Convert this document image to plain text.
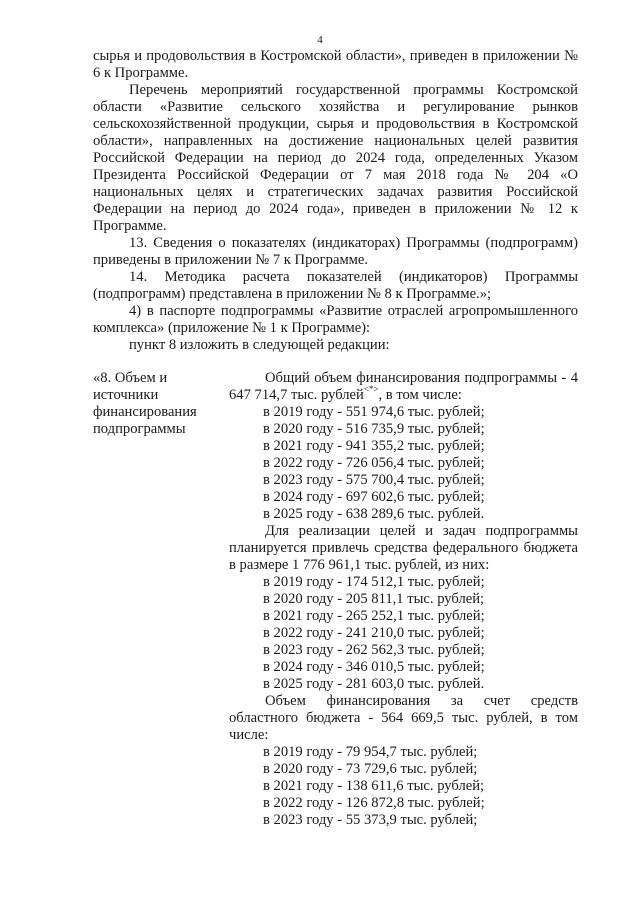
4

сырья и продовольствия в Костромской области», приведен в приложении № 6 к Программе.

Перечень мероприятий государственной программы Костромской области «Развитие сельского хозяйства и регулирование рынков сельскохозяйственной продукции, сырья и продовольствия в Костромской области», направленных на достижение национальных целей развития Российской Федерации на период до 2024 года, определенных Указом Президента Российской Федерации от 7 мая 2018 года № 204 «О национальных целях и стратегических задачах развития Российской Федерации на период до 2024 года», приведен в приложении № 12 к Программе.

13. Сведения о показателях (индикаторах) Программы (подпрограмм) приведены в приложении № 7 к Программе.

14. Методика расчета показателей (индикаторов) Программы (подпрограмм) представлена в приложении № 8 к Программе.»;

4) в паспорте подпрограммы «Развитие отраслей агропромышленного комплекса» (приложение № 1 к Программе):

пункт 8 изложить в следующей редакции:

«8. Объем и источники финансирования подпрограммы

Общий объем финансирования подпрограммы - 4 647 714,7 тыс. рублей<*>, в том числе:

в 2019 году - 551 974,6 тыс. рублей;

в 2020 году - 516 735,9 тыс. рублей;

в 2021 году - 941 355,2 тыс. рублей;

в 2022 году - 726 056,4 тыс. рублей;

в 2023 году - 575 700,4 тыс. рублей;

в 2024 году - 697 602,6 тыс. рублей;

в 2025 году - 638 289,6 тыс. рублей.

Для реализации целей и задач подпрограммы планируется привлечь средства федерального бюджета в размере 1 776 961,1 тыс. рублей, из них:

в 2019 году - 174 512,1 тыс. рублей;

в 2020 году - 205 811,1 тыс. рублей;

в 2021 году - 265 252,1 тыс. рублей;

в 2022 году - 241 210,0 тыс. рублей;

в 2023 году - 262 562,3 тыс. рублей;

в 2024 году - 346 010,5 тыс. рублей;

в 2025 году - 281 603,0 тыс. рублей.

Объем финансирования за счет средств областного бюджета - 564 669,5 тыс. рублей, в том числе:

в 2019 году - 79 954,7 тыс. рублей;

в 2020 году - 73 729,6 тыс. рублей;

в 2021 году - 138 611,6 тыс. рублей;

в 2022 году - 126 872,8 тыс. рублей;

в 2023 году - 55 373,9 тыс. рублей;
